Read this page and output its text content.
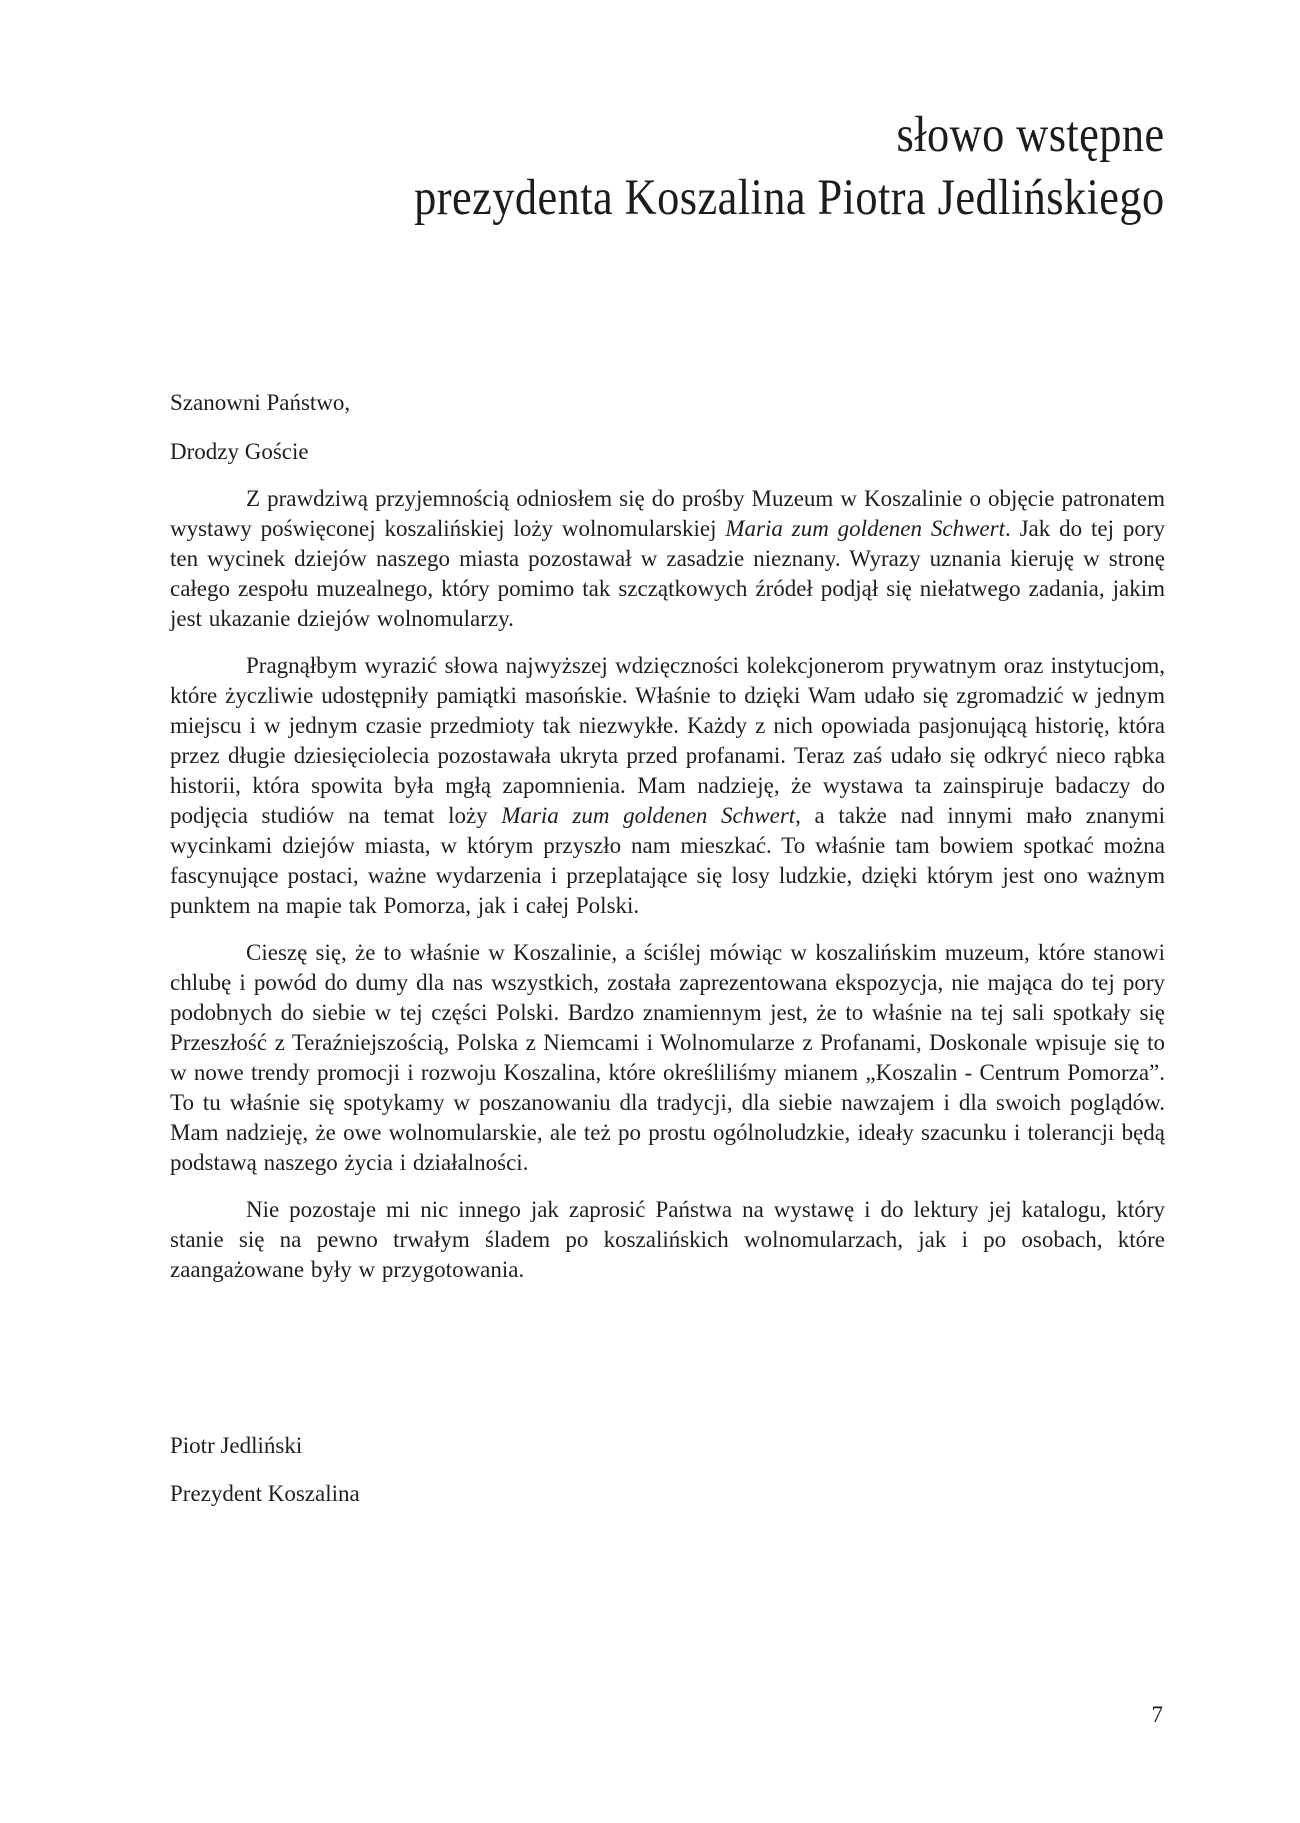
słowo wstępne
prezydenta Koszalina Piotra Jedlińskiego
Szanowni Państwo,
Drodzy Goście

Z prawdziwą przyjemnością odniosłem się do prośby Muzeum w Koszalinie o objęcie patronatem wystawy poświęconej koszalińskiej loży wolnomularskiej Maria zum goldenen Schwert. Jak do tej pory ten wycinek dziejów naszego miasta pozostawał w zasadzie nieznany. Wyrazy uznania kieruję w stronę całego zespołu muzealnego, który pomimo tak szczątkowych źródeł podjął się niełatwego zadania, jakim jest ukazanie dziejów wolnomularzy.

Pragnąłbym wyrazić słowa najwyższej wdzięczności kolekcjonerom prywatnym oraz instytucjom, które życzliwie udostępniły pamiątki masońskie. Właśnie to dzięki Wam udało się zgromadzić w jednym miejscu i w jednym czasie przedmioty tak niezwykłe. Każdy z nich opowiada pasjonującą historię, która przez długie dziesięciolecia pozostawała ukryta przed profanami. Teraz zaś udało się odkryć nieco rąbka historii, która spowita była mgłą zapomnienia. Mam nadzieję, że wystawa ta zainspiruje badaczy do podjęcia studiów na temat loży Maria zum goldenen Schwert, a także nad innymi mało znanymi wycinkami dziejów miasta, w którym przyszło nam mieszkać. To właśnie tam bowiem spotkać można fascynujące postaci, ważne wydarzenia i przeplatające się losy ludzkie, dzięki którym jest ono ważnym punktem na mapie tak Pomorza, jak i całej Polski.

Cieszę się, że to właśnie w Koszalinie, a ściślej mówiąc w koszalińskim muzeum, które stanowi chlubę i powód do dumy dla nas wszystkich, została zaprezentowana ekspozycja, nie mająca do tej pory podobnych do siebie w tej części Polski. Bardzo znamiennym jest, że to właśnie na tej sali spotkały się Przeszłość z Teraźniejszością, Polska z Niemcami i Wolnomularze z Profanami, Doskonale wpisuje się to w nowe trendy promocji i rozwoju Koszalina, które określiliśmy mianem „Koszalin - Centrum Pomorza”. To tu właśnie się spotykamy w poszanowaniu dla tradycji, dla siebie nawzajem i dla swoich poglądów. Mam nadzieję, że owe wolnomularskie, ale też po prostu ogólnoludzkie, ideały szacunku i tolerancji będą podstawą naszego życia i działalności.

Nie pozostaje mi nic innego jak zaprosić Państwa na wystawę i do lektury jej katalogu, który stanie się na pewno trwałym śladem po koszalińskich wolnomularzach, jak i po osobach, które zaangażowane były w przygotowania.

Piotr Jedliński
Prezydent Koszalina
7
